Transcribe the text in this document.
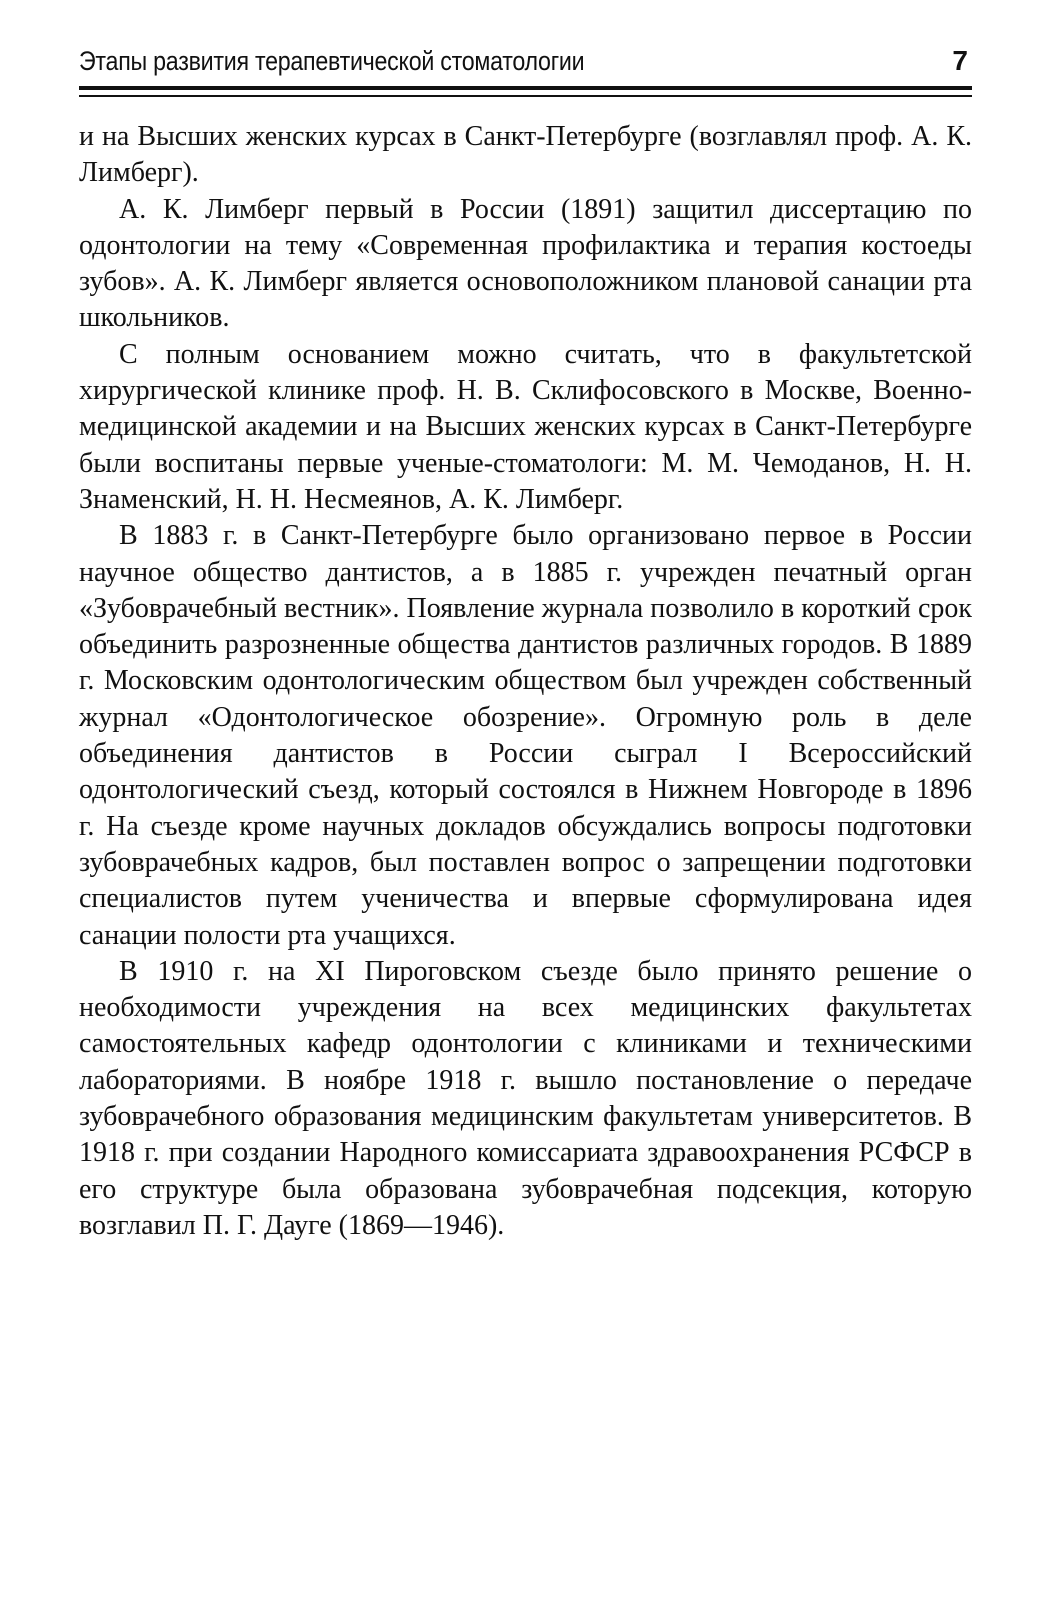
Этапы развития терапевтической стоматологии	7

и на Высших женских курсах в Санкт-Петербурге (возглавлял проф. А. К. Лимберг).

А. К. Лимберг первый в России (1891) защитил диссертацию по одонтологии на тему «Современная профилактика и терапия костоеды зубов». А. К. Лимберг является основоположником плановой санации рта школьников.

С полным основанием можно считать, что в факультетской хирургической клинике проф. Н. В. Склифосовского в Москве, Военно-медицинской академии и на Высших женских курсах в Санкт-Петербурге были воспитаны первые ученые-стоматологи: М. М. Чемоданов, Н. Н. Знаменский, Н. Н. Несмеянов, А. К. Лимберг.

В 1883 г. в Санкт-Петербурге было организовано первое в России научное общество дантистов, а в 1885 г. учрежден печатный орган «Зубоврачебный вестник». Появление журнала позволило в короткий срок объединить разрозненные общества дантистов различных городов. В 1889 г. Московским одонтологическим обществом был учрежден собственный журнал «Одонтологическое обозрение». Огромную роль в деле объединения дантистов в России сыграл I Всероссийский одонтологический съезд, который состоялся в Нижнем Новгороде в 1896 г. На съезде кроме научных докладов обсуждались вопросы подготовки зубоврачебных кадров, был поставлен вопрос о запрещении подготовки специалистов путем ученичества и впервые сформулирована идея санации полости рта учащихся.

В 1910 г. на XI Пироговском съезде было принято решение о необходимости учреждения на всех медицинских факультетах самостоятельных кафедр одонтологии с клиниками и техническими лабораториями. В ноябре 1918 г. вышло постановление о передаче зубоврачебного образования медицинским факультетам университетов. В 1918 г. при создании Народного комиссариата здравоохранения РСФСР в его структуре была образована зубоврачебная подсекция, которую возглавил П. Г. Дауге (1869—1946).
